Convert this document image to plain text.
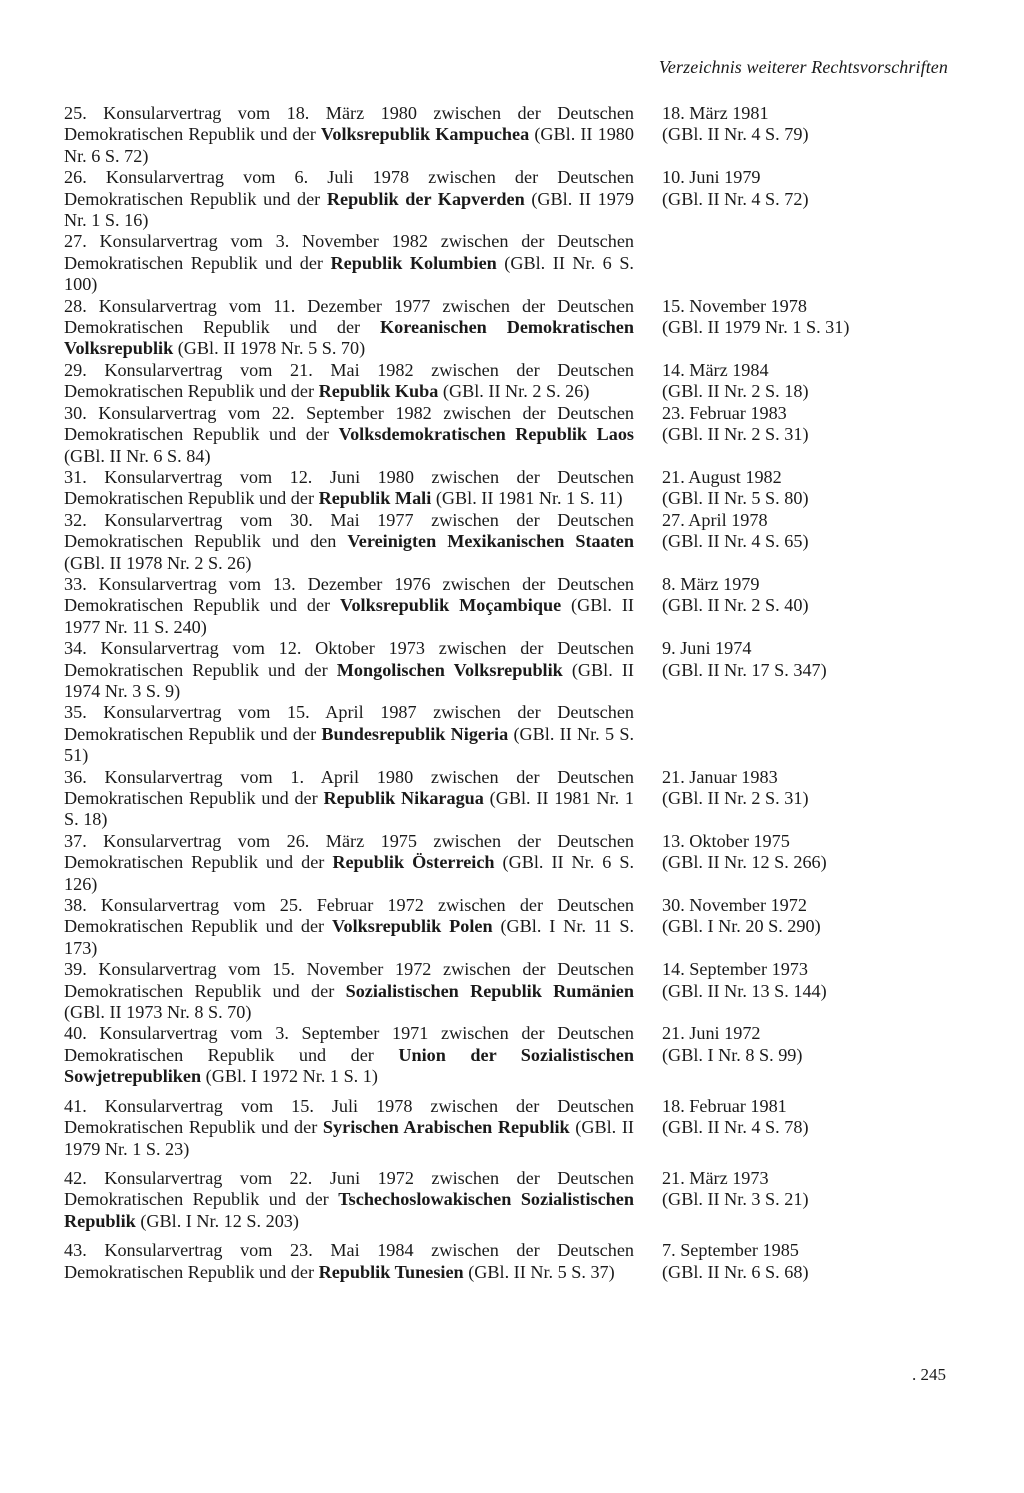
Verzeichnis weiterer Rechtsvorschriften
25. Konsularvertrag vom 18. März 1980 zwischen der Deutschen Demokratischen Republik und der Volksrepublik Kampuchea (GBl. II 1980 Nr. 6 S. 72)
18. März 1981
(GBl. II Nr. 4 S. 79)
26. Konsularvertrag vom 6. Juli 1978 zwischen der Deutschen Demokratischen Republik und der Republik der Kapverden (GBl. II 1979 Nr. 1 S. 16)
10. Juni 1979
(GBl. II Nr. 4 S. 72)
27. Konsularvertrag vom 3. November 1982 zwischen der Deutschen Demokratischen Republik und der Republik Kolumbien (GBl. II Nr. 6 S. 100)
28. Konsularvertrag vom 11. Dezember 1977 zwischen der Deutschen Demokratischen Republik und der Koreanischen Demokratischen Volksrepublik (GBl. II 1978 Nr. 5 S. 70)
15. November 1978
(GBl. II 1979 Nr. 1 S. 31)
29. Konsularvertrag vom 21. Mai 1982 zwischen der Deutschen Demokratischen Republik und der Republik Kuba (GBl. II Nr. 2 S. 26)
14. März 1984
(GBl. II Nr. 2 S. 18)
30. Konsularvertrag vom 22. September 1982 zwischen der Deutschen Demokratischen Republik und der Volksdemokratischen Republik Laos (GBl. II Nr. 6 S. 84)
23. Februar 1983
(GBl. II Nr. 2 S. 31)
31. Konsularvertrag vom 12. Juni 1980 zwischen der Deutschen Demokratischen Republik und der Republik Mali (GBl. II 1981 Nr. 1 S. 11)
21. August 1982
(GBl. II Nr. 5 S. 80)
32. Konsularvertrag vom 30. Mai 1977 zwischen der Deutschen Demokratischen Republik und den Vereinigten Mexikanischen Staaten (GBl. II 1978 Nr. 2 S. 26)
27. April 1978
(GBl. II Nr. 4 S. 65)
33. Konsularvertrag vom 13. Dezember 1976 zwischen der Deutschen Demokratischen Republik und der Volksrepublik Moçambique (GBl. II 1977 Nr. 11 S. 240)
8. März 1979
(GBl. II Nr. 2 S. 40)
34. Konsularvertrag vom 12. Oktober 1973 zwischen der Deutschen Demokratischen Republik und der Mongolischen Volksrepublik (GBl. II 1974 Nr. 3 S. 9)
9. Juni 1974
(GBl. II Nr. 17 S. 347)
35. Konsularvertrag vom 15. April 1987 zwischen der Deutschen Demokratischen Republik und der Bundesrepublik Nigeria (GBl. II Nr. 5 S. 51)
36. Konsularvertrag vom 1. April 1980 zwischen der Deutschen Demokratischen Republik und der Republik Nikaragua (GBl. II 1981 Nr. 1 S. 18)
21. Januar 1983
(GBl. II Nr. 2 S. 31)
37. Konsularvertrag vom 26. März 1975 zwischen der Deutschen Demokratischen Republik und der Republik Österreich (GBl. II Nr. 6 S. 126)
13. Oktober 1975
(GBl. II Nr. 12 S. 266)
38. Konsularvertrag vom 25. Februar 1972 zwischen der Deutschen Demokratischen Republik und der Volksrepublik Polen (GBl. I Nr. 11 S. 173)
30. November 1972
(GBl. I Nr. 20 S. 290)
39. Konsularvertrag vom 15. November 1972 zwischen der Deutschen Demokratischen Republik und der Sozialistischen Republik Rumänien (GBl. II 1973 Nr. 8 S. 70)
14. September 1973
(GBl. II Nr. 13 S. 144)
40. Konsularvertrag vom 3. September 1971 zwischen der Deutschen Demokratischen Republik und der Union der Sozialistischen Sowjetrepubliken (GBl. I 1972 Nr. 1 S. 1)
21. Juni 1972
(GBl. I Nr. 8 S. 99)
41. Konsularvertrag vom 15. Juli 1978 zwischen der Deutschen Demokratischen Republik und der Syrischen Arabischen Republik (GBl. II 1979 Nr. 1 S. 23)
18. Februar 1981
(GBl. II Nr. 4 S. 78)
42. Konsularvertrag vom 22. Juni 1972 zwischen der Deutschen Demokratischen Republik und der Tschechoslowakischen Sozialistischen Republik (GBl. I Nr. 12 S. 203)
21. März 1973
(GBl. II Nr. 3 S. 21)
43. Konsularvertrag vom 23. Mai 1984 zwischen der Deutschen Demokratischen Republik und der Republik Tunesien (GBl. II Nr. 5 S. 37)
7. September 1985
(GBl. II Nr. 6 S. 68)
. 245
